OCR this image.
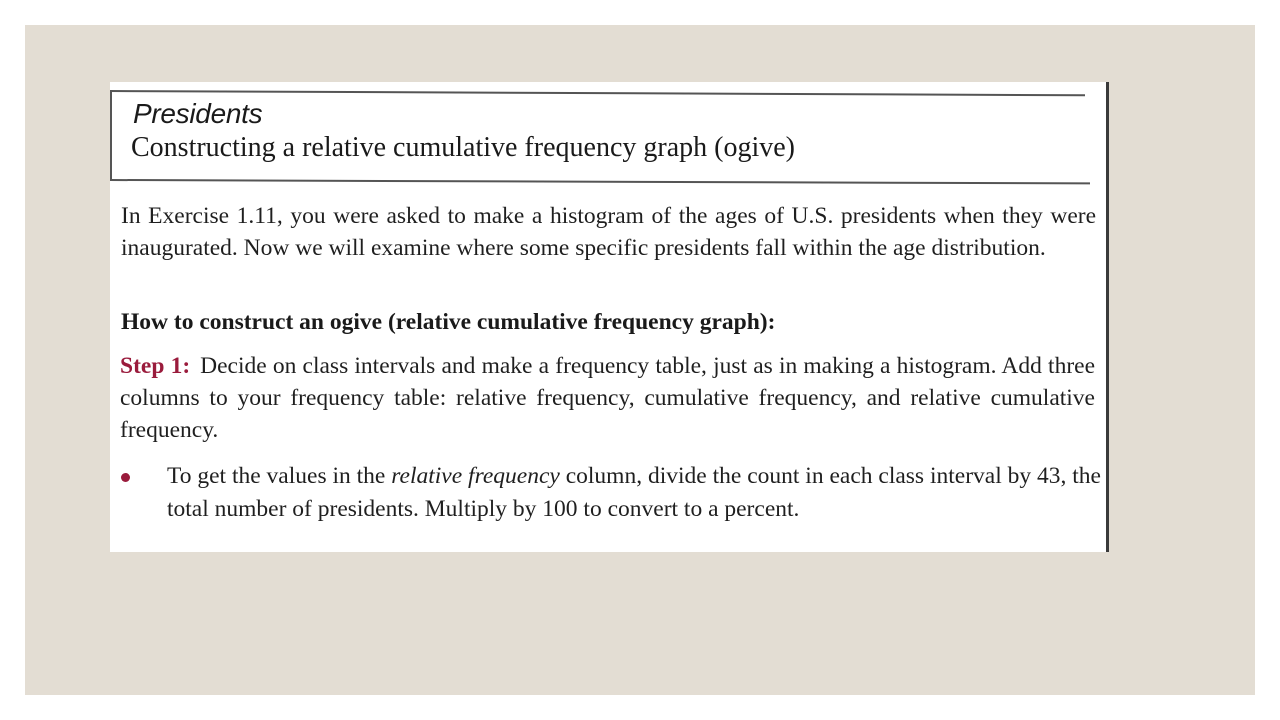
Presidents
Constructing a relative cumulative frequency graph (ogive)
In Exercise 1.11, you were asked to make a histogram of the ages of U.S. presidents when they were inaugurated. Now we will examine where some specific presidents fall within the age distribution.
How to construct an ogive (relative cumulative frequency graph):
Step 1: Decide on class intervals and make a frequency table, just as in making a histogram. Add three columns to your frequency table: relative frequency, cumulative frequency, and relative cumulative frequency.
To get the values in the relative frequency column, divide the count in each class interval by 43, the total number of presidents. Multiply by 100 to convert to a percent.
